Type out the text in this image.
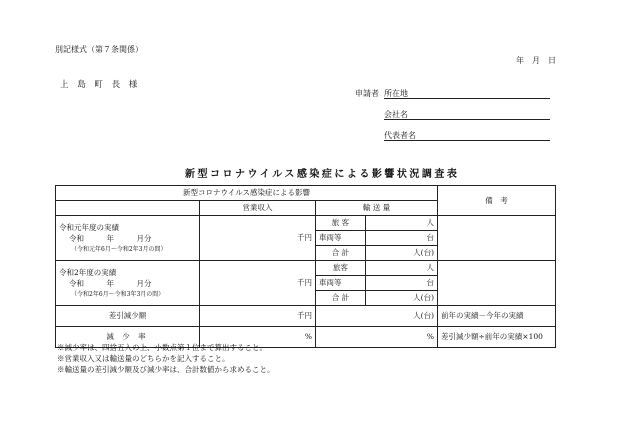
別記様式（第７条関係）
年　月　日
上 島 町 長 様
申請者 所在地
会社名
代表者名
新型コロナウイルス感染症による影響状況調査表
新型コロナウイルス感染症による影響				備　考
	営業収入	輸 送 量		

令和元年度の実績
令和　　　年　　　月分
（令和元年6月～令和2年3月の間）	千円	旅 客	人	
		車両等	台	
		合 計	人(台)	

令和2年度の実績
令和　　　年　　　月分
（令和2年6月～令和3年3月の間）	千円	旅客	人	
		車両等	台	
		合 計	人(台)	
差引減少額	千円	人(台)		前年の実績－今年の実績
減 少 率	%	%		差引減少額÷前年の実績×100
※減少率は、四捨五入の上、小数点第１位まで算出すること。
※営業収入又は輸送量のどちらかを記入すること。
※輸送量の差引減少額及び減少率は、合計数値から求めること。
